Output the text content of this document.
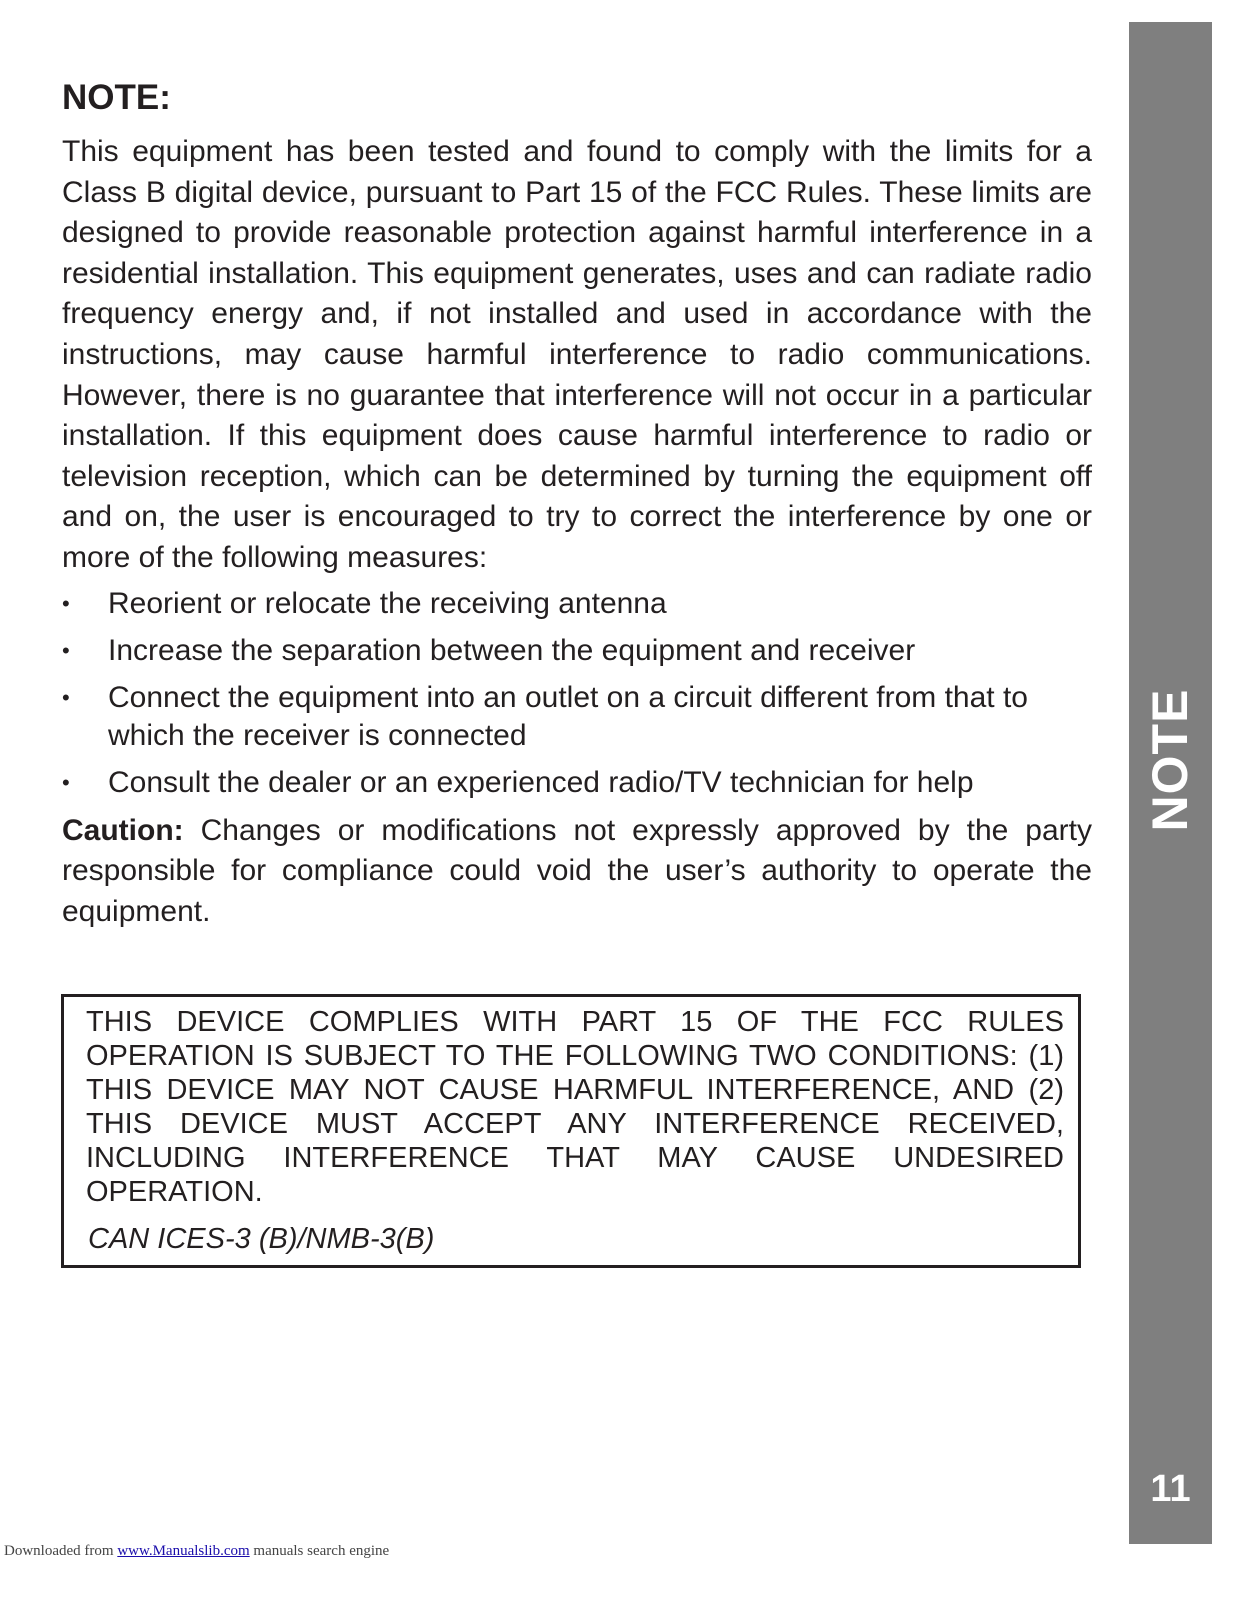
NOTE:

This equipment has been tested and found to comply with the limits for a Class B digital device, pursuant to Part 15 of the FCC Rules. These limits are designed to provide reasonable protection against harmful interference in a residential installation. This equipment generates, uses and can radiate radio frequency energy and, if not installed and used in accordance with the instructions, may cause harmful interference to radio communications. However, there is no guarantee that interference will not occur in a particular installation. If this equipment does cause harmful interference to radio or television reception, which can be determined by turning the equipment off and on, the user is encouraged to try to correct the interference by one or more of the following measures:

• Reorient or relocate the receiving antenna
• Increase the separation between the equipment and receiver
• Connect the equipment into an outlet on a circuit different from that to which the receiver is connected
• Consult the dealer or an experienced radio/TV technician for help

Caution: Changes or modifications not expressly approved by the party responsible for compliance could void the user’s authority to operate the equipment.

THIS DEVICE COMPLIES WITH PART 15 OF THE FCC RULES OPERATION IS SUBJECT TO THE FOLLOWING TWO CONDITIONS: (1) THIS DEVICE MAY NOT CAUSE HARMFUL INTERFERENCE, AND (2) THIS DEVICE MUST ACCEPT ANY INTERFERENCE RECEIVED, INCLUDING INTERFERENCE THAT MAY CAUSE UNDESIRED OPERATION.

CAN ICES-3 (B)/NMB-3(B)

NOTE
11
Downloaded from www.Manualslib.com manuals search engine
